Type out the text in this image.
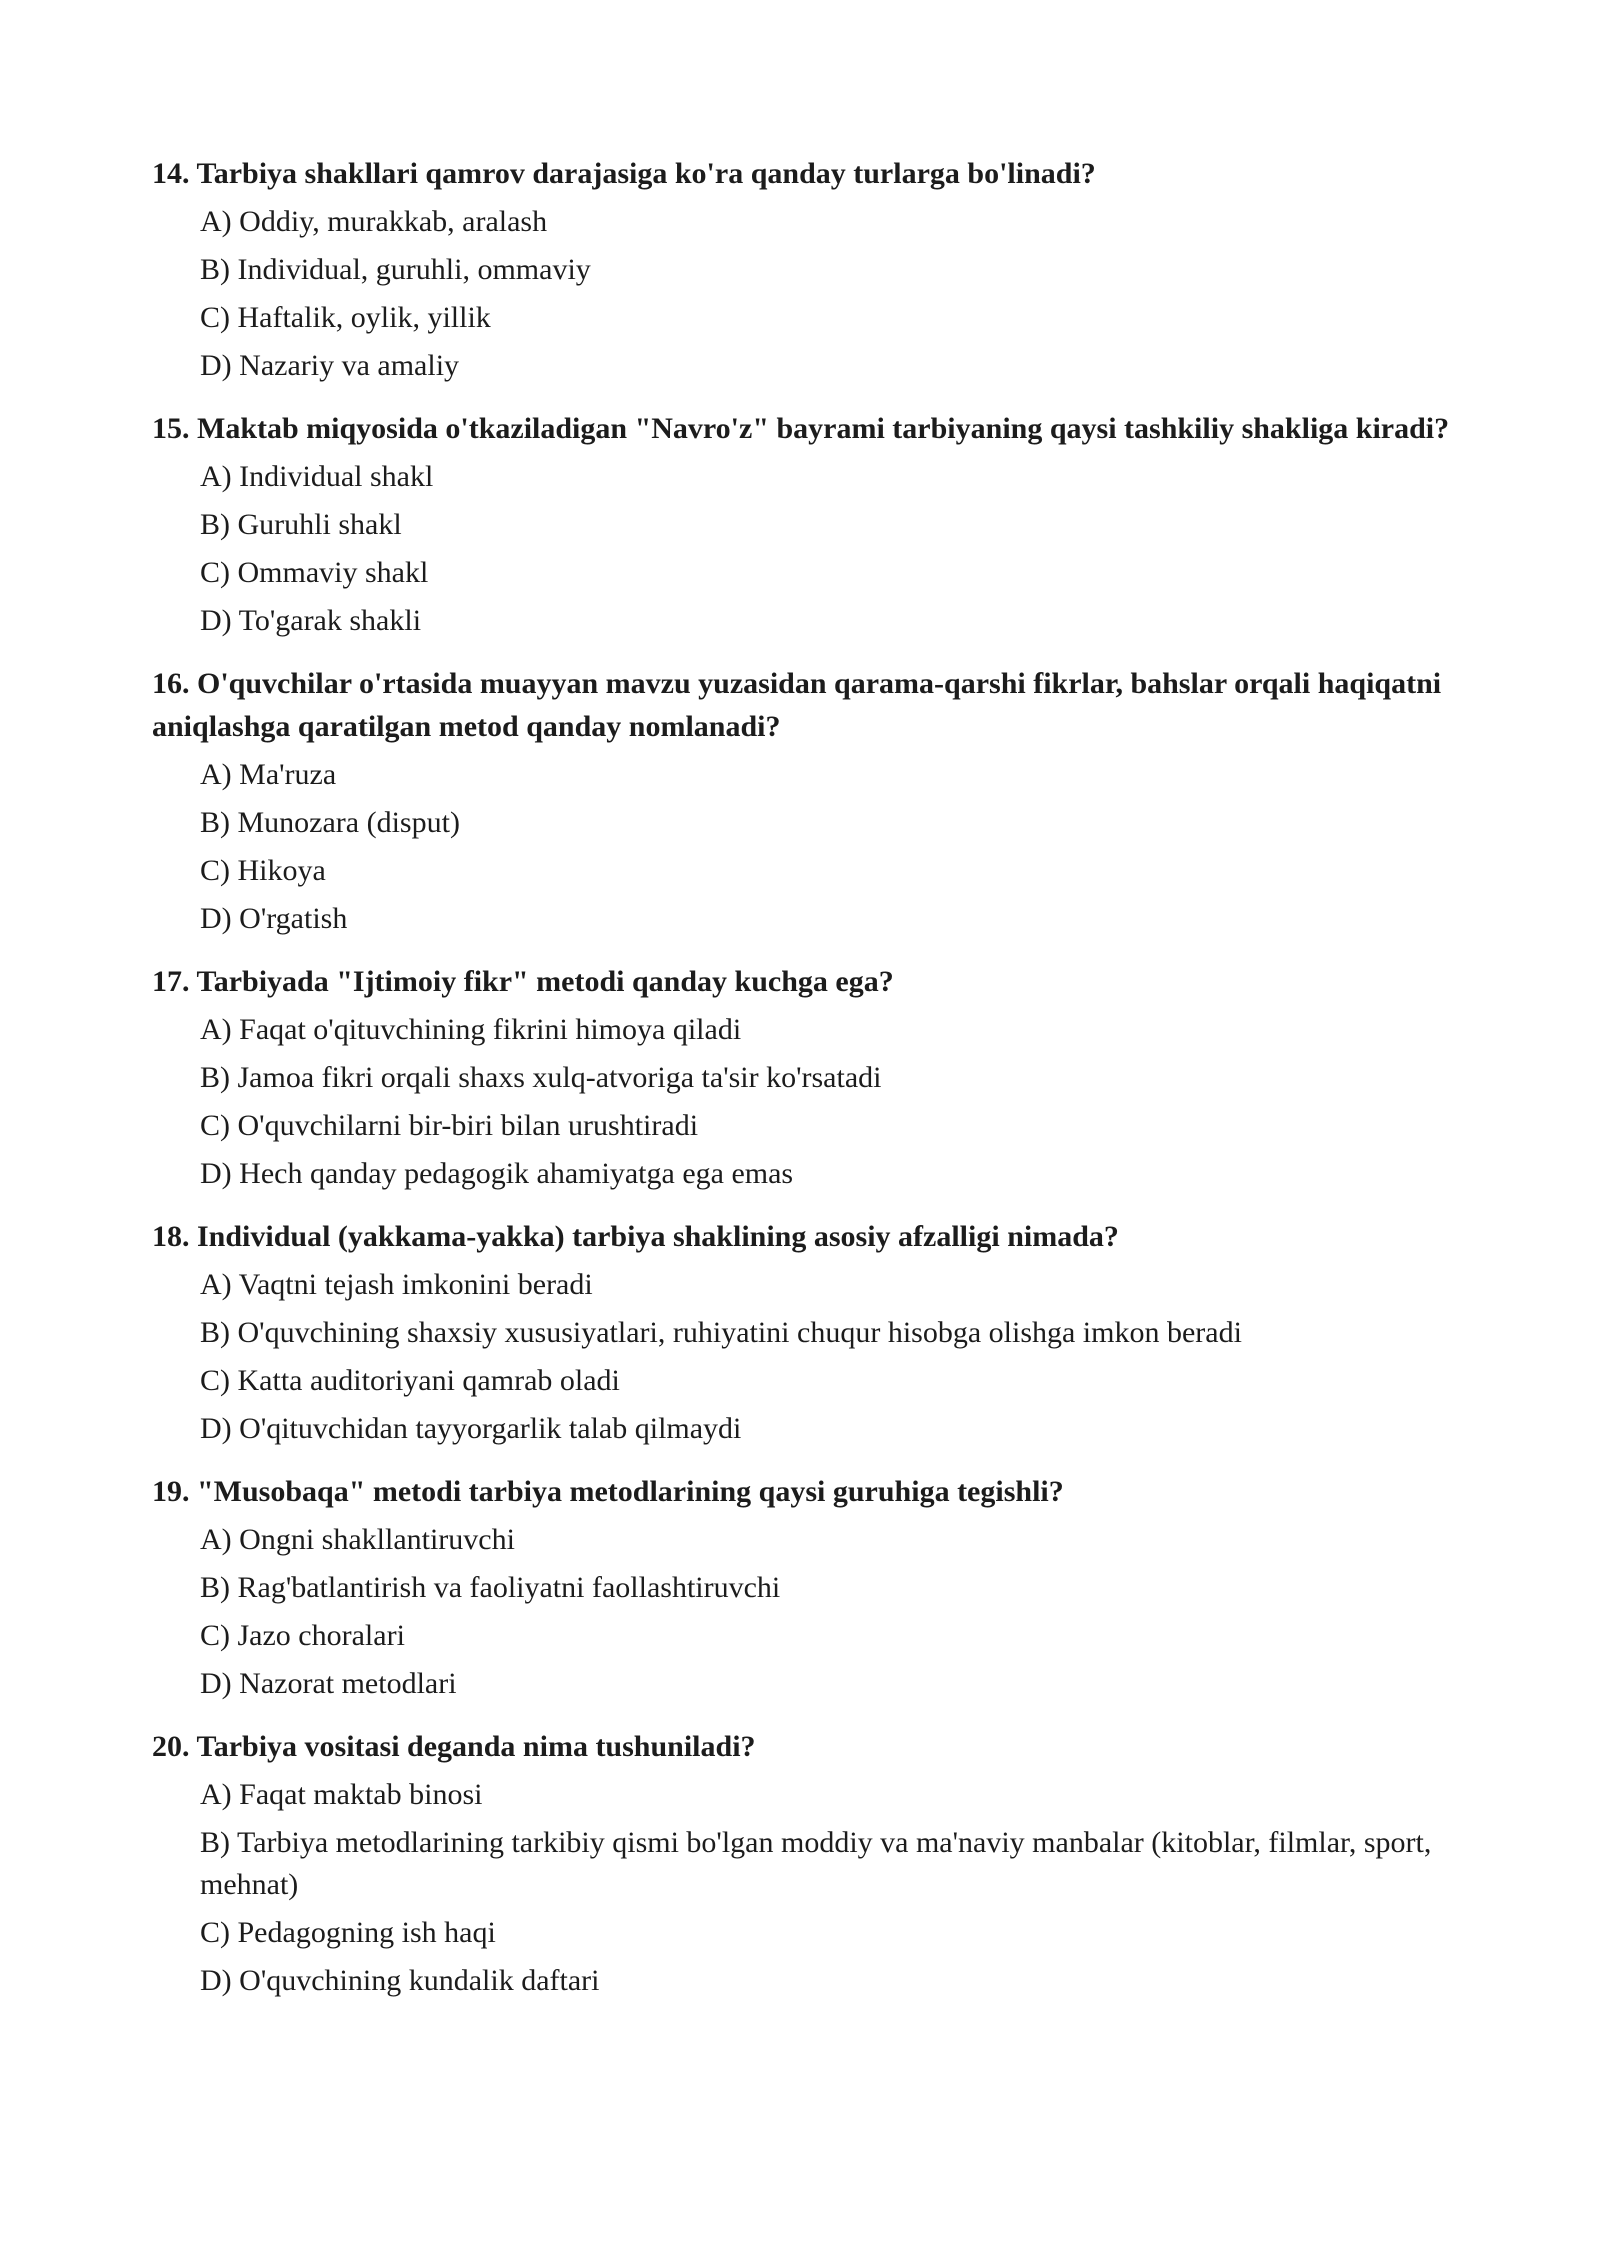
14. Tarbiya shakllari qamrov darajasiga ko'ra qanday turlarga bo'linadi?

A) Oddiy, murakkab, aralash
B) Individual, guruhli, ommaviy
C) Haftalik, oylik, yillik
D) Nazariy va amaliy

15. Maktab miqyosida o'tkaziladigan "Navro'z" bayrami tarbiyaning qaysi tashkiliy shakliga kiradi?

A) Individual shakl
B) Guruhli shakl
C) Ommaviy shakl
D) To'garak shakli

16. O'quvchilar o'rtasida muayyan mavzu yuzasidan qarama-qarshi fikrlar, bahslar orqali haqiqatni aniqlashga qaratilgan metod qanday nomlanadi?

A) Ma'ruza
B) Munozara (disput)
C) Hikoya
D) O'rgatish

17. Tarbiyada "Ijtimoiy fikr" metodi qanday kuchga ega?

A) Faqat o'qituvchining fikrini himoya qiladi
B) Jamoa fikri orqali shaxs xulq-atvoriga ta'sir ko'rsatadi
C) O'quvchilarni bir-biri bilan urushtiradi
D) Hech qanday pedagogik ahamiyatga ega emas

18. Individual (yakkama-yakka) tarbiya shaklining asosiy afzalligi nimada?

A) Vaqtni tejash imkonini beradi
B) O'quvchining shaxsiy xususiyatlari, ruhiyatini chuqur hisobga olishga imkon beradi
C) Katta auditoriyani qamrab oladi
D) O'qituvchidan tayyorgarlik talab qilmaydi

19. "Musobaqa" metodi tarbiya metodlarining qaysi guruhiga tegishli?

A) Ongni shakllantiruvchi
B) Rag'batlantirish va faoliyatni faollashtiruvchi
C) Jazo choralari
D) Nazorat metodlari

20. Tarbiya vositasi deganda nima tushuniladi?

A) Faqat maktab binosi
B) Tarbiya metodlarining tarkibiy qismi bo'lgan moddiy va ma'naviy manbalar (kitoblar, filmlar, sport, mehnat)
C) Pedagogning ish haqi
D) O'quvchining kundalik daftari
